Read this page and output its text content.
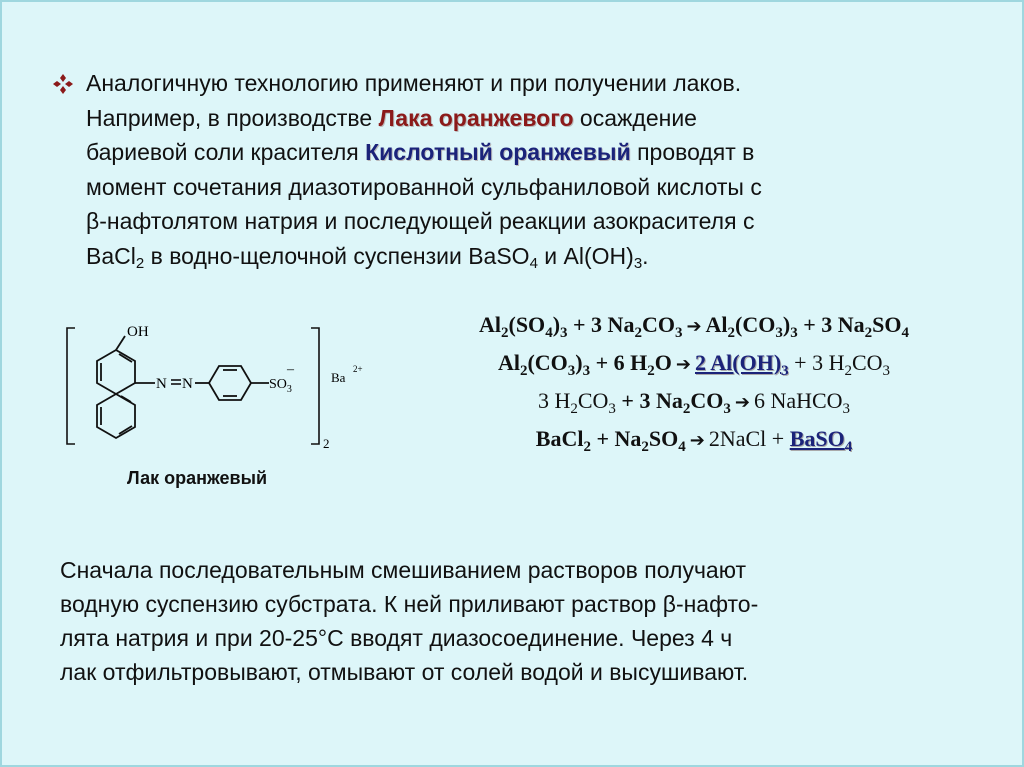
Аналогичную технологию применяют и при получении лаков.
Например, в производстве Лака оранжевого осаждение
бариевой соли красителя Кислотный оранжевый проводят в
момент сочетания диазотированной сульфаниловой кислоты с
β-нафтолятом натрия и последующей реакции азокрасителя с
BaCl$_2$ в водно-щелочной суспензии BaSO$_4$ и $Al(OH)_3$.
OH
N N	$SO_3$
–
Ba
2+
2
Лак оранжевый
$Al_2(SO_4)_3 + 3$ $Na_2CO_3$ ➔ $Al_2(CO_3)_3 + 3$ $Na_2SO_4$
$Al_2(CO_3)_3 + 6$ $H_2O$ ➔ 2 $Al(OH)_3 + 3$ $H_2CO_3$
3 $H_2CO_3 + 3$ $Na_2CO_3$ ➔ 6 NaHCO$_3$
BaCl$_2$ + $Na_2SO_4$ ➔ 2NaCl + BaSO$_4$
Сначала последовательным смешиванием растворов получают
водную суспензию субстрата. К ней приливают раствор β-нафто-
лята натрия и при 20-25°С вводят диазосоединение. Через 4 ч
лак отфильтровывают, отмывают от солей водой и высушивают.
